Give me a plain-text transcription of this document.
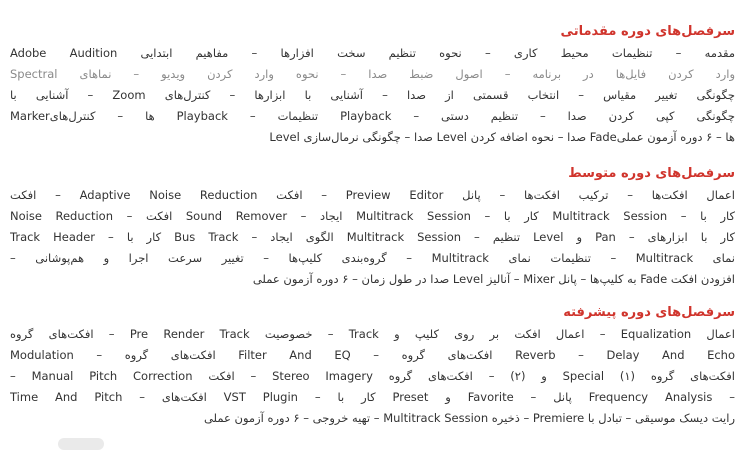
سرفصل‌های دوره مقدماتی
مقدمه – تنظیمات محیط کاری – نحوه تنظیم سخت افزارها – مفاهیم ابتدایی Adobe Audition
وارد کردن فایل‌ها در برنامه – اصول ضبط صدا – نحوه وارد کردن ویدیو – نماهای Spectral
چگونگی تغییر مقیاس – انتخاب قسمتی از صدا – آشنایی با ابزارها – کنترل‌های Zoom – آشنایی با
Marker‌ها – کنترل‌های Playback – تنظیمات Playback – چگونگی کپی کردن صدا – تنظیم دستی
Level صدا – چگونگی نرمال‌سازی Level صدا – نحوه اضافه کردن Fade‌ها – ۶ دوره آزمون عملی
سرفصل‌های دوره متوسط
اعمال افکت‌ها – ترکیب افکت‌ها – پانل Preview Editor – افکت Adaptive Noise Reduction – افکت
Noise Reduction – افکت Sound Remover – ایجاد Multitrack Session – کار با Multitrack Session – کار با
Track Header – کار با Bus Track – الگوی ایجاد Multitrack Session – تنظیم Level و Pan – کار با ابزارهای
نمای Multitrack – تنظیمات نمای Multitrack – گروه‌بندی کلیپ‌ها – تغییر سرعت اجرا و هم‌پوشانی –
افزودن افکت Fade به کلیپ‌ها – پانل Mixer – آنالیز Level صدا در طول زمان – ۶ دوره آزمون عملی
سرفصل‌های دوره پیشرفته
اعمال Equalization – اعمال افکت بر روی کلیپ و Track – خصوصیت Pre Render Track – افکت‌های گروه
Modulation – افکت‌های گروه Filter And EQ – افکت‌های گروه Reverb – Delay And Echo
افکت‌های گروه Special (۱) و (۲) – افکت‌های گروه Stereo Imagery – افکت Manual Pitch Correction –
Time And Pitch – افکت‌های VST Plugin – کار با Preset و Favorite – پانل Frequency Analysis –
رایت دیسک موسیقی – تبادل با Premiere – ذخیره Multitrack Session – تهیه خروجی – ۶ دوره آزمون عملی
